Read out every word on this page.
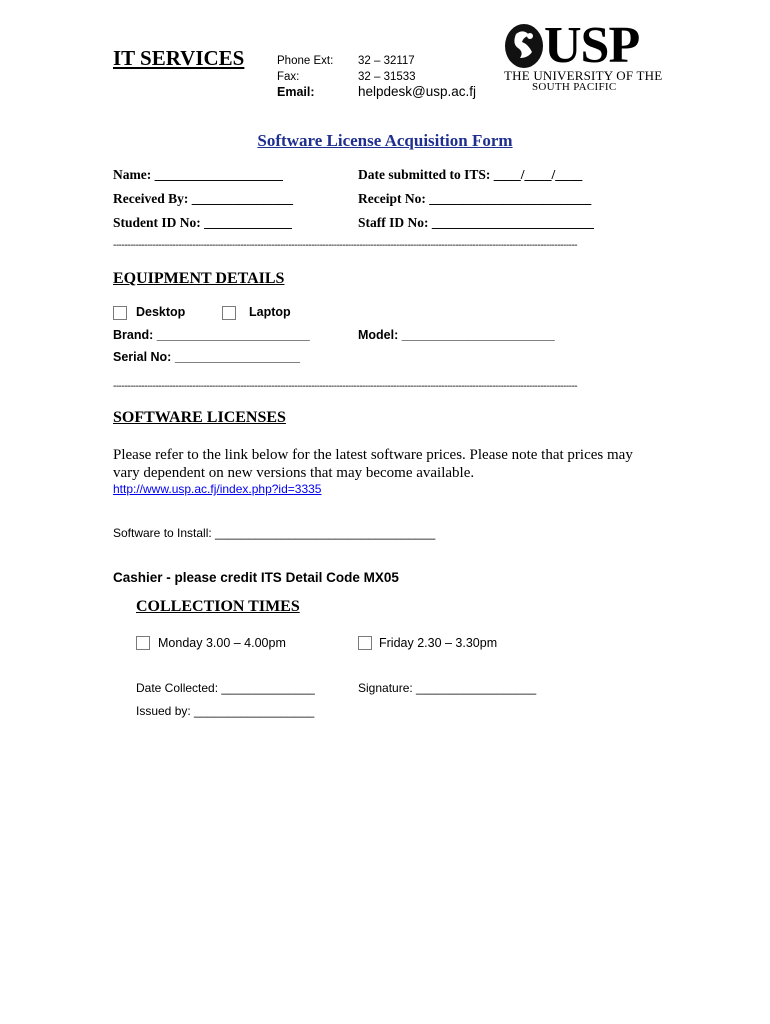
IT SERVICES	Phone Ext: 32 – 32117
Fax:	32 – 31533
Email:	helpdesk@usp.ac.fj
USP
THE UNIVERSITY OF THE
SOUTH PACIFIC
Software License Acquisition Form
Name: ___________________	Date submitted to ITS: ____/____/____
Received By: _______________	Receipt No: ________________________
Student ID No: _____________	Staff ID No: ________________________
--------------------------------------------------------------------------------------------------------------------------------------------------------------------
EQUIPMENT DETAILS
Desktop	Laptop
Brand: ______________________	Model: ______________________
Serial No: __________________
--------------------------------------------------------------------------------------------------------------------------------------------------------------------
SOFTWARE LICENSES
Please refer to the link below for the latest software prices. Please note that prices may vary dependent on new versions that may become available.
http://www.usp.ac.fj/index.php?id=3335
Software to Install: _________________________________
Cashier - please credit ITS Detail Code MX05
COLLECTION TIMES
Monday 3.00 – 4.00pm	Friday 2.30 – 3.30pm
Date Collected: ______________	Signature: __________________
Issued by: __________________
